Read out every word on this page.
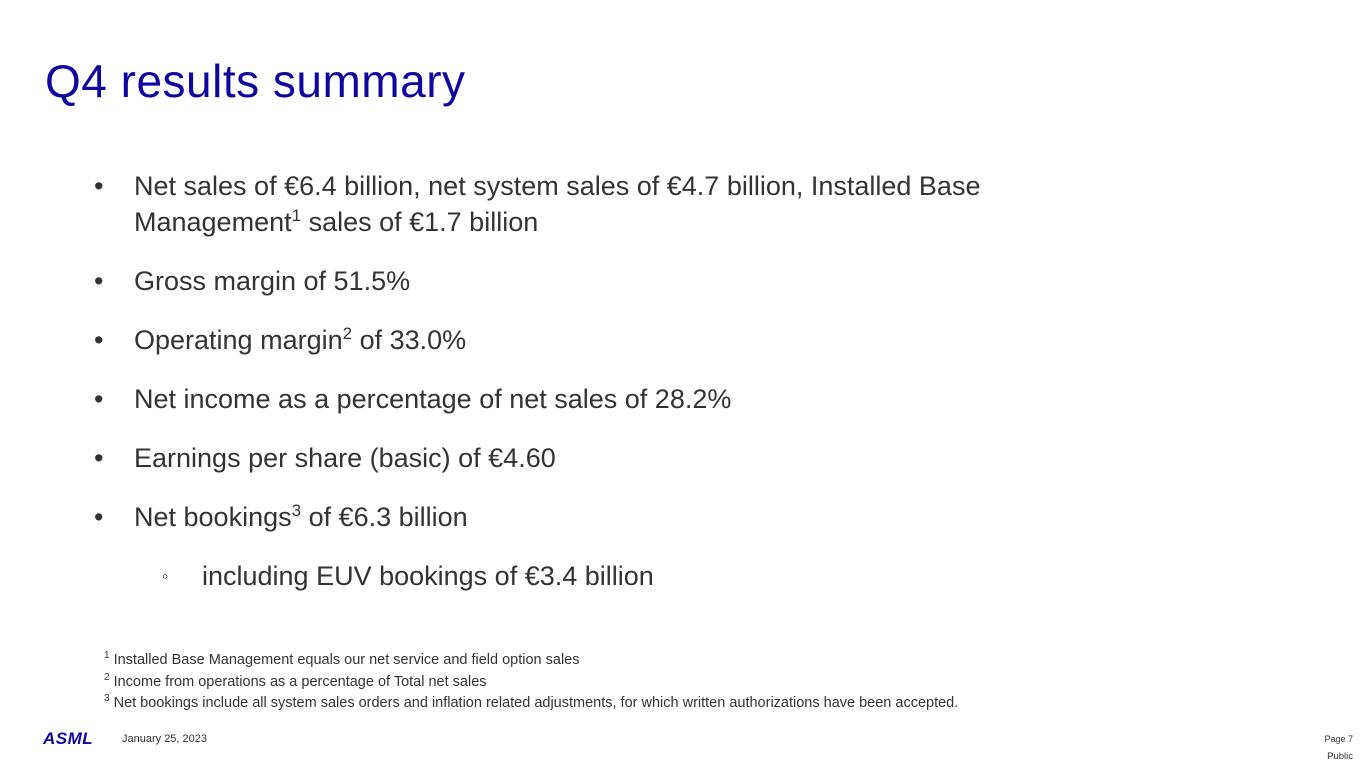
Q4 results summary
• Net sales of €6.4 billion, net system sales of €4.7 billion, Installed Base
Management$^1$ sales of €1.7 billion
• Gross margin of 51.5%
• Operating margin$^2$ of 33.0%
• Net income as a percentage of net sales of 28.2%
• Earnings per share (basic) of €4.60
• Net bookings$^3$ of €6.3 billion
◦ including EUV bookings of €3.4 billion
$^1$ Installed Base Management equals our net service and field option sales
$^2$ Income from operations as a percentage of Total net sales
$^3$ Net bookings include all system sales orders and inflation related adjustments, for which written authorizations have been accepted.
ASML	January 25, 2023	Page 7
Public
